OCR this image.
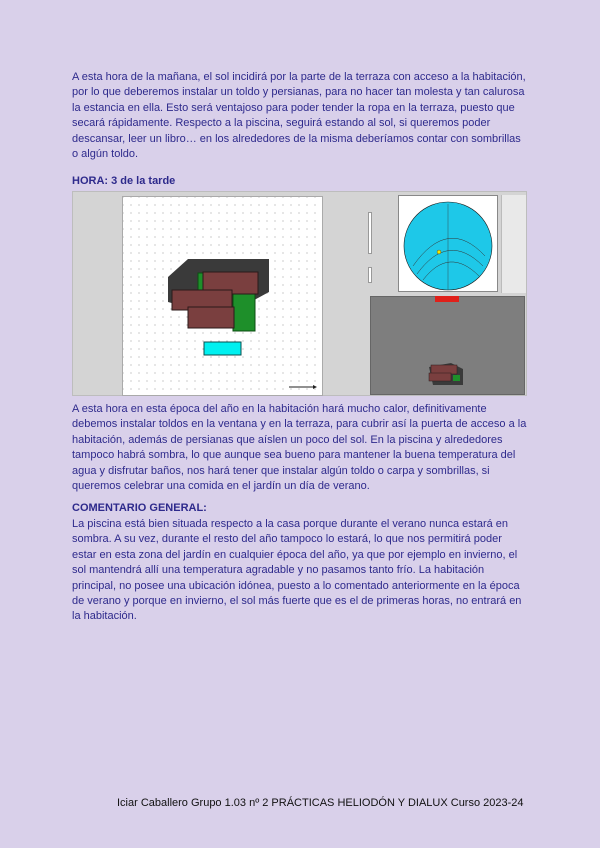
A esta hora de la mañana, el sol incidirá por la parte de la terraza con acceso a la habitación, por lo que deberemos instalar un toldo y persianas, para no hacer tan molesta y tan calurosa la estancia en ella. Esto será ventajoso para poder tender la ropa en la terraza, puesto que secará rápidamente. Respecto a la piscina, seguirá estando al sol, si queremos poder descansar, leer un libro… en los alrededores de la misma deberíamos contar con sombrillas o algún toldo.

HORA: 3 de la tarde

A esta hora en esta época del año en la habitación hará mucho calor, definitivamente debemos instalar toldos en la ventana y en la terraza, para cubrir así la puerta de acceso a la habitación, además de persianas que aíslen un poco del sol. En la piscina y alrededores tampoco habrá sombra, lo que aunque sea bueno para mantener la buena temperatura del agua y disfrutar baños, nos hará tener que instalar algún toldo o carpa y sombrillas, si queremos celebrar una comida en el jardín un día de verano.

COMENTARIO GENERAL:

La piscina está bien situada respecto a la casa porque durante el verano nunca estará en sombra. A su vez, durante el resto del año tampoco lo estará, lo que nos permitirá poder estar en esta zona del jardín en cualquier época del año, ya que por ejemplo en invierno, el sol mantendrá allí una temperatura agradable y no pasamos tanto frío. La habitación principal, no posee una ubicación idónea, puesto a lo comentado anteriormente en la época de verano y porque en invierno, el sol más fuerte que es el de primeras horas, no entrará en la habitación.

Iciar Caballero Grupo 1.03 nº 2 PRÁCTICAS HELIODÓN Y DIALUX Curso 2023-24
